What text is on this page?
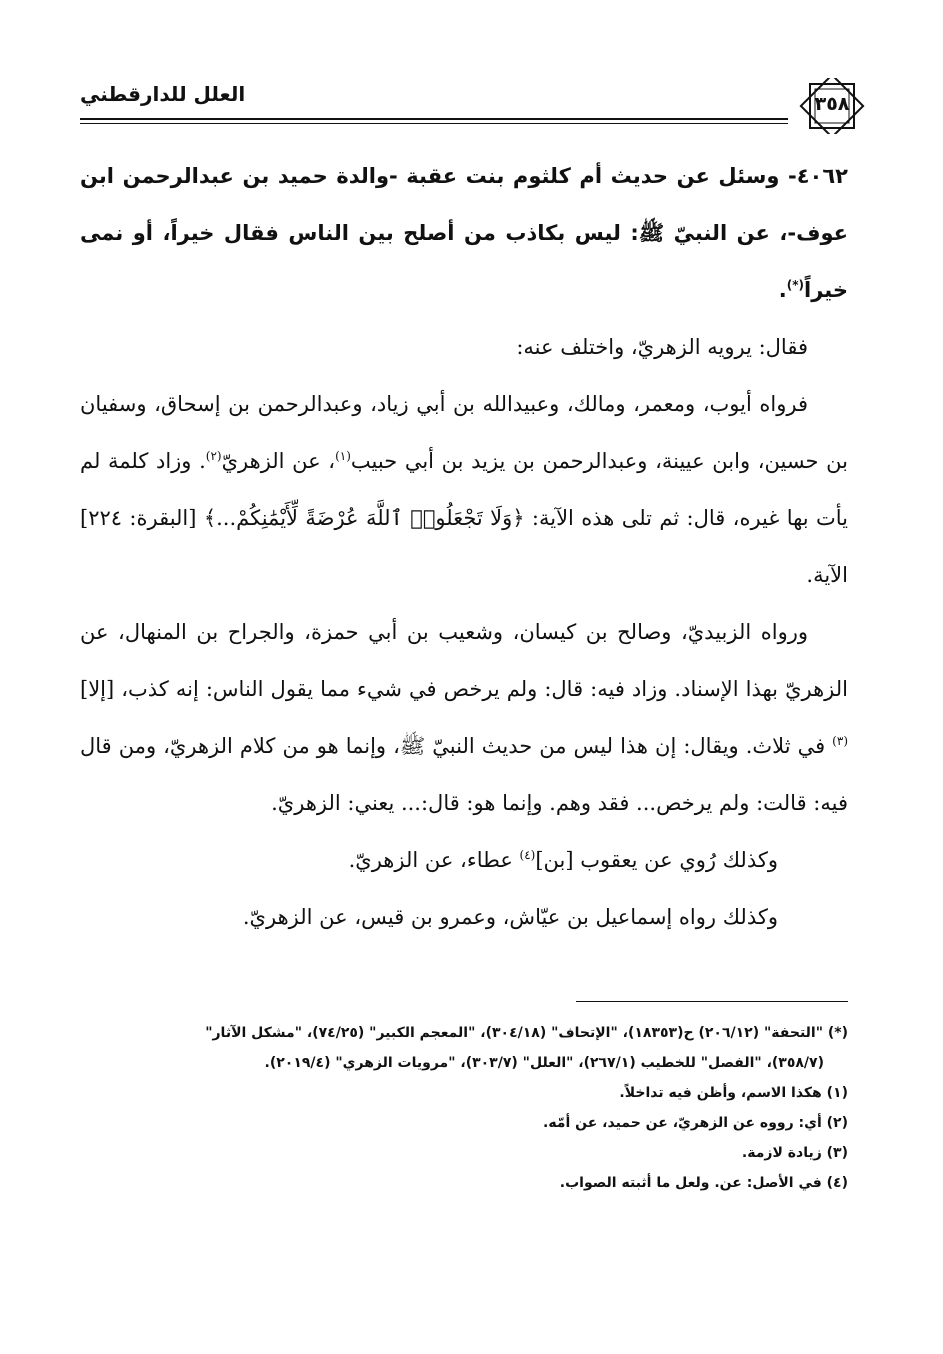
العلل للدارقطني	٣٥٨

٤٠٦٢- وسئل عن حديث أم كلثوم بنت عقبة -والدة حميد بن عبدالرحمن ابن عوف-، عن النبيّ ﷺ: ليس بكاذب من أصلح بين الناس فقال خيراً، أو نمى خيراً(*).

فقال: يرويه الزهريّ، واختلف عنه:

فرواه أيوب، ومعمر، ومالك، وعبيدالله بن أبي زياد، وعبدالرحمن بن إسحاق، وسفيان بن حسين، وابن عيينة، وعبدالرحمن بن يزيد بن أبي حبيب$^{(١)}$، عن الزهريّ$^{(٢)}$. وزاد كلمة لم يأت بها غيره، قال: ثم تلى هذه الآية: ﴿وَلَا تَجْعَلُوا۟ ٱللَّهَ عُرْضَةً لِّأَيْمَٰنِكُمْ...﴾ [البقرة: ٢٢٤] الآية.

ورواه الزبيديّ، وصالح بن كيسان، وشعيب بن أبي حمزة، والجراح بن المنهال، عن الزهريّ بهذا الإسناد. وزاد فيه: قال: ولم يرخص في شيء مما يقول الناس: إنه كذب، [إلا]$^{(٣)}$ في ثلاث. ويقال: إن هذا ليس من حديث النبيّ ﷺ، وإنما هو من كلام الزهريّ، ومن قال فيه: قالت: ولم يرخص... فقد وهم. وإنما هو: قال:... يعني: الزهريّ.

وكذلك رُوي عن يعقوب [بن]$^{(٤)}$ عطاء، عن الزهريّ.

وكذلك رواه إسماعيل بن عيّاش، وعمرو بن قيس، عن الزهريّ.

(*) "التحفة" (٢٠٦/١٢) ح(١٨٣٥٣)، "الإتحاف" (٣٠٤/١٨)، "المعجم الكبير" (٧٤/٢٥)، "مشكل الآثار"

(٣٥٨/٧)، "الفصل" للخطيب (٢٦٧/١)، "العلل" (٣٠٣/٧)، "مرويات الزهري" (٢٠١٩/٤).

(١) هكذا الاسم، وأظن فيه تداخلاً.

(٢) أي: رووه عن الزهريّ، عن حميد، عن أمّه.

(٣) زيادة لازمة.

(٤) في الأصل: عن. ولعل ما أثبته الصواب.
